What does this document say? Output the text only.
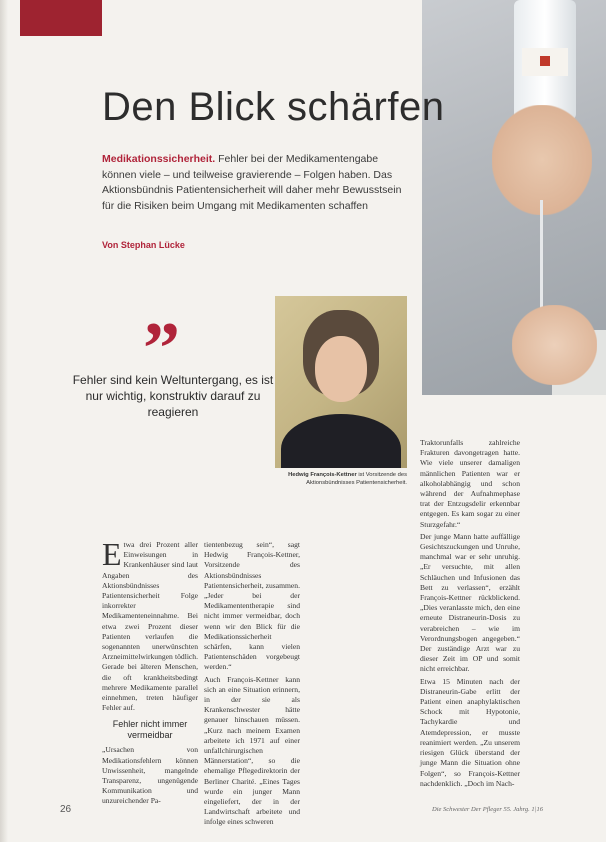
Den Blick schärfen
Medikationssicherheit. Fehler bei der Medikamentengabe können viele – und teilweise gravierende – Folgen haben. Das Aktionsbündnis Patientensicherheit will daher mehr Bewusstsein für die Risiken beim Umgang mit Medikamenten schaffen
Von Stephan Lücke
”
Fehler sind kein Weltuntergang, es ist nur wichtig, konstruktiv darauf zu reagieren
Hedwig François-Kettner ist Vorsitzende des Aktionsbündnisses Patientensicherheit.

Etwa drei Prozent aller Einweisungen in Krankenhäuser sind laut Angaben des Aktionsbündnisses Patientensicherheit Folge inkorrekter Medikamenteneinnahme. Bei etwa zwei Prozent dieser Patienten verlaufen die sogenannten unerwünschten Arzneimittelwirkungen tödlich. Gerade bei älteren Menschen, die oft krankheitsbedingt mehrere Medikamente parallel einnehmen, treten häufiger Fehler auf.

Fehler nicht immer vermeidbar

„Ursachen von Medikationsfehlern können Unwissenheit, mangelnde Transparenz, ungenügende Kommunikation und unzureichender Pa-

tientenbezug sein“, sagt Hedwig François-Kettner, Vorsitzende des Aktionsbündnisses Patientensicherheit, zusammen. „Jeder bei der Medikamententherapie sind nicht immer vermeidbar, doch wenn wir den Blick für die Medikationssicherheit schärfen, kann vielen Patientenschäden vorgebeugt werden.“

Auch François-Kettner kann sich an eine Situation erinnern, in der sie als Krankenschwester hätte genauer hinschauen müssen. „Kurz nach meinem Examen arbeitete ich 1971 auf einer unfallchirurgischen Männerstation“, so die ehemalige Pflegedirektorin der Berliner Charité. „Eines Tages wurde ein junger Mann eingeliefert, der in der Landwirtschaft arbeitete und infolge eines schweren

Traktorunfalls zahlreiche Frakturen davongetragen hatte. Wie viele unserer damaligen männlichen Patienten war er alkoholabhängig und schon während der Aufnahmephase trat der Entzugsdelir erkennbar entgegen. Es kam sogar zu einer Sturzgefahr.“

Der junge Mann hatte auffällige Gesichtszuckungen und Unruhe, manchmal war er sehr unruhig. „Er versuchte, mit allen Schläuchen und Infusionen das Bett zu verlassen“, erzählt François-Kettner rückblickend. „Dies veranlasste mich, den eine erneute Distraneurin-Dosis zu verabreichen – wie im Verordnungsbogen angegeben.“ Der zuständige Arzt war zu dieser Zeit im OP und somit nicht erreichbar.

Etwa 15 Minuten nach der Distraneurin-Gabe erlitt der Patient einen anaphylaktischen Schock mit Hypotonie, Tachykardie und Atemdepression, er musste reanimiert werden. „Zu unserem riesigen Glück überstand der junge Mann die Situation ohne Folgen“, so François-Kettner nachdenklich. „Doch im Nach-

26	Die Schwester Der Pfleger 55. Jahrg. 1|16
